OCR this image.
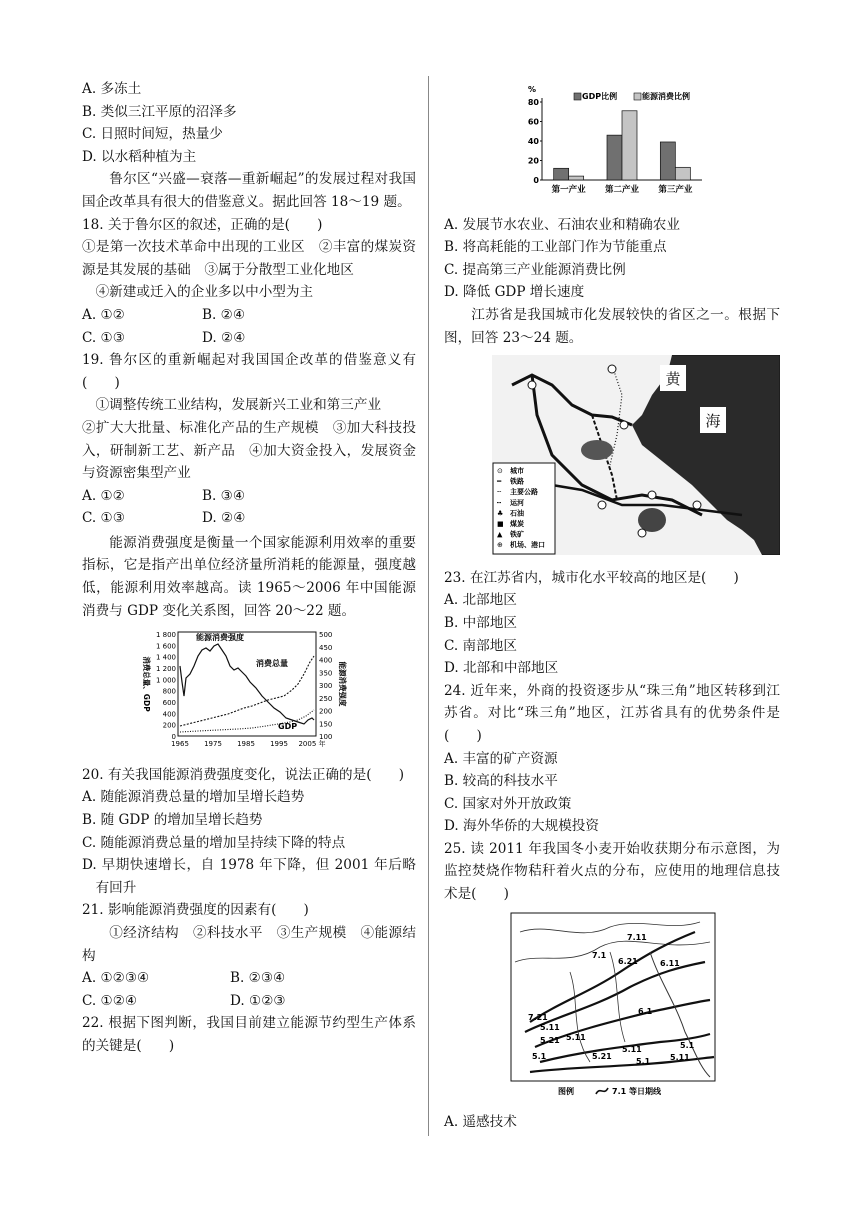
A. 多冻土
B. 类似三江平原的沼泽多
C. 日照时间短，热量少
D. 以水稻种植为主
鲁尔区“兴盛—衰落—重新崛起”的发展过程对我国国企改革具有很大的借鉴意义。据此回答 18～19 题。
18. 关于鲁尔区的叙述，正确的是(　　)
①是第一次技术革命中出现的工业区　②丰富的煤炭资源是其发展的基础　③属于分散型工业化地区
④新建或迁入的企业多以中小型为主
A. ①②	B. ②④
C. ①③	D. ②④
19. 鲁尔区的重新崛起对我国国企改革的借鉴意义有(　　)
①调整传统工业结构，发展新兴工业和第三产业
②扩大大批量、标准化产品的生产规模　③加大科技投入，研制新工艺、新产品　④加大资金投入，发展资金与资源密集型产业
A. ①②	B. ③④
C. ①③	D. ②④
能源消费强度是衡量一个国家能源利用效率的重要指标，它是指产出单位经济量所消耗的能源量，强度越低，能源利用效率越高。读 1965～2006 年中国能源消费与 GDP 变化关系图，回答 20～22 题。
1 800
1 600
1 400
1 200
1 000
800
600
400
200
0
500
450
400
350
300
250
200
150
100
1965 1975 1985 1995 2005 年
能源消费强度
消费总量
GDP
消费总量、GDP	能源消费强度
20. 有关我国能源消费强度变化，说法正确的是(　　)
A. 随能源消费总量的增加呈增长趋势
B. 随 GDP 的增加呈增长趋势
C. 随能源消费总量的增加呈持续下降的特点
D. 早期快速增长，自 1978 年下降，但 2001 年后略有回升
21. 影响能源消费强度的因素有(　　)
①经济结构　②科技水平　③生产规模　④能源结构
A. ①②③④	B. ②③④
C. ①②④	D. ①②③
22. 根据下图判断，我国目前建立能源节约型生产体系的关键是(　　)
%
GDP比例	能源消费比例
80
60
40
20
0
第一产业 第二产业 第三产业
A. 发展节水农业、石油农业和精确农业
B. 将高耗能的工业部门作为节能重点
C. 提高第三产业能源消费比例
D. 降低 GDP 增长速度
江苏省是我国城市化发展较快的省区之一。根据下图，回答 23～24 题。
黄
海
⊙ 城市
━ 铁路
╌ 主要公路
┅ 运河
♣ 石油
■ 煤炭
▲ 铁矿
⊕ 机场、港口
23. 在江苏省内，城市化水平较高的地区是(　　)
A. 北部地区
B. 中部地区
C. 南部地区
D. 北部和中部地区
24. 近年来，外商的投资逐步从“珠三角”地区转移到江苏省。对比“珠三角”地区，江苏省具有的优势条件是(　　)
A. 丰富的矿产资源
B. 较高的科技水平
C. 国家对外开放政策
D. 海外华侨的大规模投资
25. 读 2011 年我国冬小麦开始收获期分布示意图，为监控焚烧作物秸秆着火点的分布，应使用的地理信息技术是(　　)
7.11
7.1
6.21	6.11
7.21
6.1
5.11
5.21 5.11
5.1	5.21
5.11
5.1 5.11
5.1
图例	7.1 等日期线
A. 遥感技术
